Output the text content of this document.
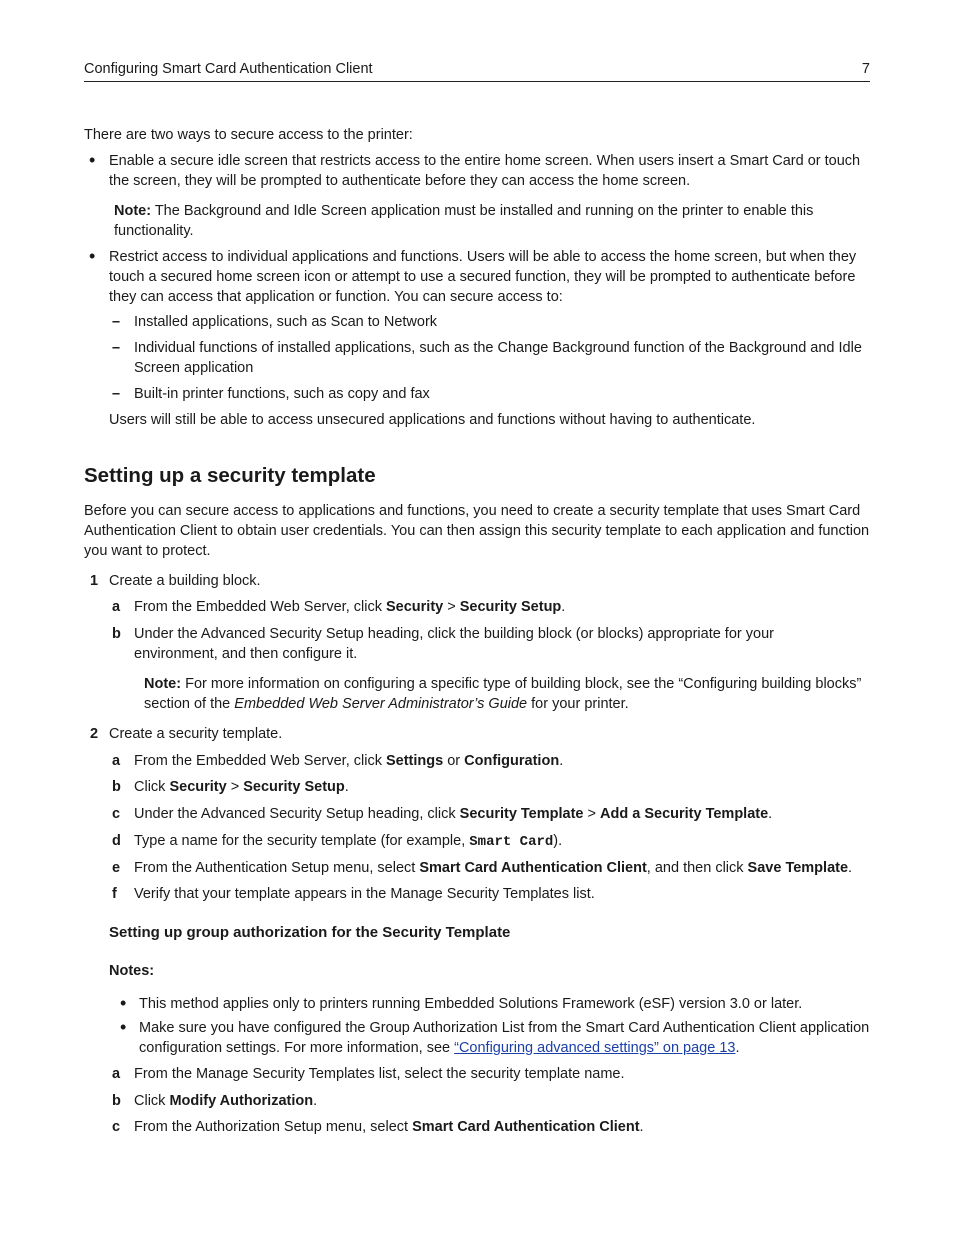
Configuring Smart Card Authentication Client	7
There are two ways to secure access to the printer:
• Enable a secure idle screen that restricts access to the entire home screen. When users insert a Smart Card or touch the screen, they will be prompted to authenticate before they can access the home screen.
Note: The Background and Idle Screen application must be installed and running on the printer to enable this functionality.
• Restrict access to individual applications and functions. Users will be able to access the home screen, but when they touch a secured home screen icon or attempt to use a secured function, they will be prompted to authenticate before they can access that application or function. You can secure access to:
– Installed applications, such as Scan to Network
– Individual functions of installed applications, such as the Change Background function of the Background and Idle Screen application
– Built-in printer functions, such as copy and fax
Users will still be able to access unsecured applications and functions without having to authenticate.
Setting up a security template
Before you can secure access to applications and functions, you need to create a security template that uses Smart Card Authentication Client to obtain user credentials. You can then assign this security template to each application and function you want to protect.
1 Create a building block.
a From the Embedded Web Server, click Security > Security Setup.
b Under the Advanced Security Setup heading, click the building block (or blocks) appropriate for your environment, and then configure it.
Note: For more information on configuring a specific type of building block, see the “Configuring building blocks” section of the Embedded Web Server Administrator’s Guide for your printer.
2 Create a security template.
a From the Embedded Web Server, click Settings or Configuration.
b Click Security > Security Setup.
c Under the Advanced Security Setup heading, click Security Template > Add a Security Template.
d Type a name for the security template (for example, Smart Card).
e From the Authentication Setup menu, select Smart Card Authentication Client, and then click Save Template.
f Verify that your template appears in the Manage Security Templates list.
Setting up group authorization for the Security Template
Notes:
• This method applies only to printers running Embedded Solutions Framework (eSF) version 3.0 or later.
• Make sure you have configured the Group Authorization List from the Smart Card Authentication Client application configuration settings. For more information, see “Configuring advanced settings” on page 13.
a From the Manage Security Templates list, select the security template name.
b Click Modify Authorization.
c From the Authorization Setup menu, select Smart Card Authentication Client.
